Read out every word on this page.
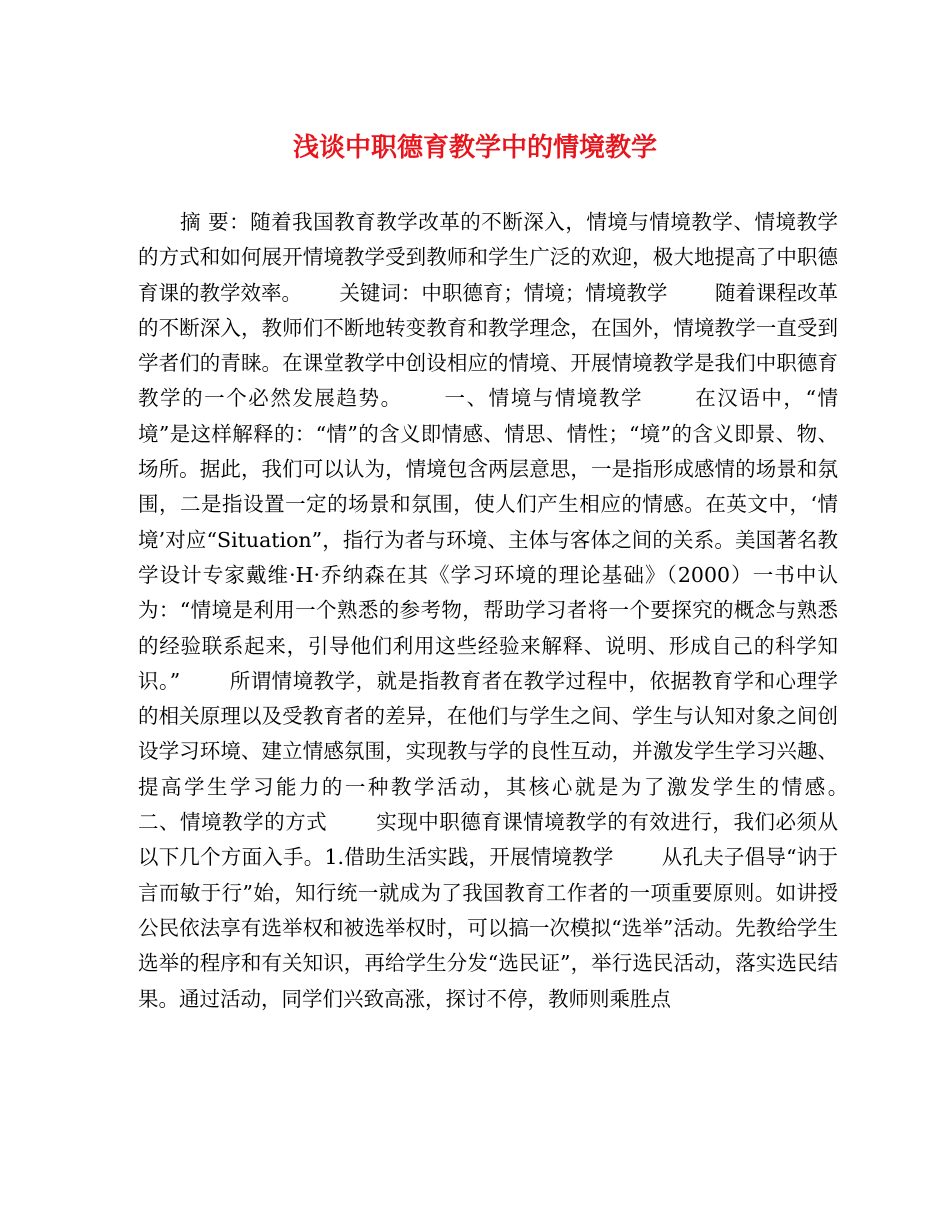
浅谈中职德育教学中的情境教学

　　摘 要：随着我国教育教学改革的不断深入，情境与情境教学、情境教学的方式和如何展开情境教学受到教师和学生广泛的欢迎，极大地提高了中职德育课的教学效率。　　 关键词：中职德育；情境；情境教学　　 随着课程改革的不断深入，教师们不断地转变教育和教学理念，在国外，情境教学一直受到学者们的青睐。在课堂教学中创设相应的情境、开展情境教学是我们中职德育教学的一个必然发展趋势。　　 一、情境与情境教学　　 在汉语中，“情境”是这样解释的：“情”的含义即情感、情思、情性；“境”的含义即景、物、场所。据此，我们可以认为，情境包含两层意思，一是指形成感情的场景和氛围，二是指设置一定的场景和氛围，使人们产生相应的情感。在英文中，‘情境’对应“Situation”，指行为者与环境、主体与客体之间的关系。美国著名教学设计专家戴维·H·乔纳森在其《学习环境的理论基础》（2000）一书中认为：“情境是利用一个熟悉的参考物，帮助学习者将一个要探究的概念与熟悉的经验联系起来，引导他们利用这些经验来解释、说明、形成自己的科学知识。”　　 所谓情境教学，就是指教育者在教学过程中，依据教育学和心理学的相关原理以及受教育者的差异，在他们与学生之间、学生与认知对象之间创设学习环境、建立情感氛围，实现教与学的良性互动，并激发学生学习兴趣、提高学生学习能力的一种教学活动，其核心就是为了激发学生的情感。　　 二、情境教学的方式　　 实现中职德育课情境教学的有效进行，我们必须从以下几个方面入手。1.借助生活实践，开展情境教学　　 从孔夫子倡导“讷于言而敏于行”始，知行统一就成为了我国教育工作者的一项重要原则。如讲授公民依法享有选举权和被选举权时，可以搞一次模拟“选举”活动。先教给学生选举的程序和有关知识，再给学生分发“选民证”，举行选民活动，落实选民结果。通过活动，同学们兴致高涨，探讨不停，教师则乘胜点
